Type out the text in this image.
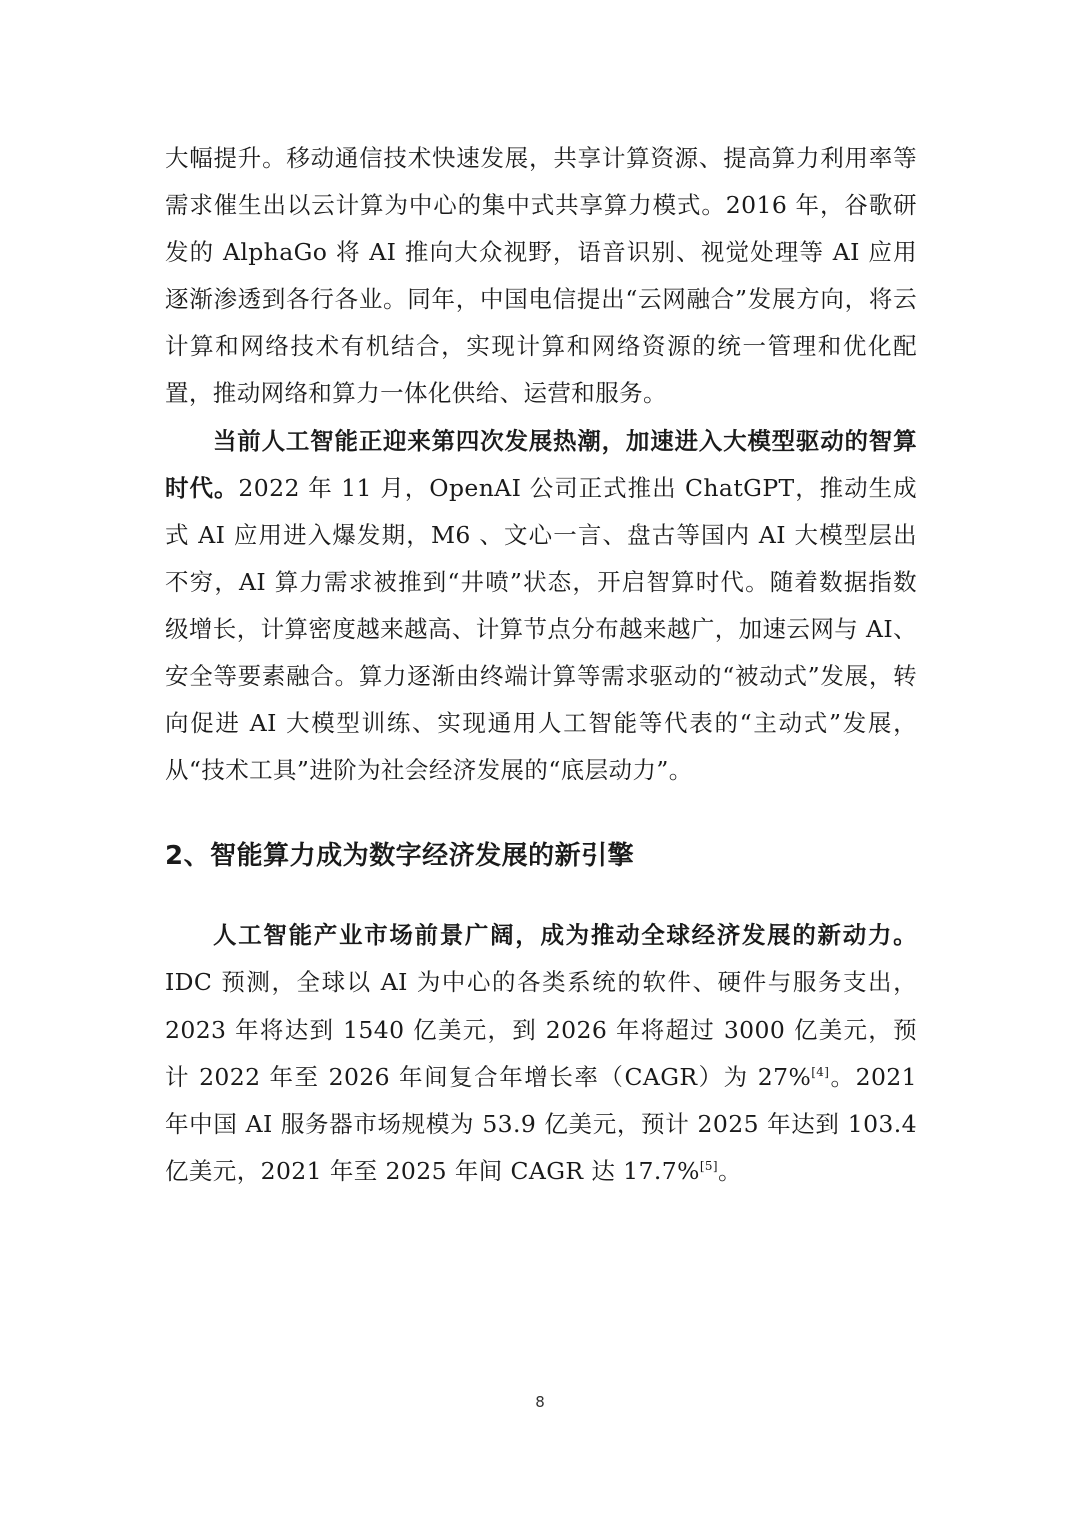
大幅提升。移动通信技术快速发展，共享计算资源、提高算力利用率等需求催生出以云计算为中心的集中式共享算力模式。2016 年，谷歌研发的 AlphaGo 将 AI 推向大众视野，语音识别、视觉处理等 AI 应用逐渐渗透到各行各业。同年，中国电信提出“云网融合”发展方向，将云计算和网络技术有机结合，实现计算和网络资源的统一管理和优化配置，推动网络和算力一体化供给、运营和服务。

当前人工智能正迎来第四次发展热潮，加速进入大模型驱动的智算时代。2022 年 11 月，OpenAI 公司正式推出 ChatGPT，推动生成式 AI 应用进入爆发期，M6 、文心一言、盘古等国内 AI 大模型层出不穷，AI 算力需求被推到“井喷”状态，开启智算时代。随着数据指数级增长，计算密度越来越高、计算节点分布越来越广，加速云网与 AI、安全等要素融合。算力逐渐由终端计算等需求驱动的“被动式”发展，转向促进 AI 大模型训练、实现通用人工智能等代表的“主动式”发展，从“技术工具”进阶为社会经济发展的“底层动力”。

2、智能算力成为数字经济发展的新引擎

人工智能产业市场前景广阔，成为推动全球经济发展的新动力。IDC 预测，全球以 AI 为中心的各类系统的软件、硬件与服务支出，2023 年将达到 1540 亿美元，到 2026 年将超过 3000 亿美元，预计 2022 年至 2026 年间复合年增长率（CAGR）为 27%[4]。2021 年中国 AI 服务器市场规模为 53.9 亿美元，预计 2025 年达到 103.4 亿美元，2021 年至 2025 年间 CAGR 达 17.7%[5]。

8
